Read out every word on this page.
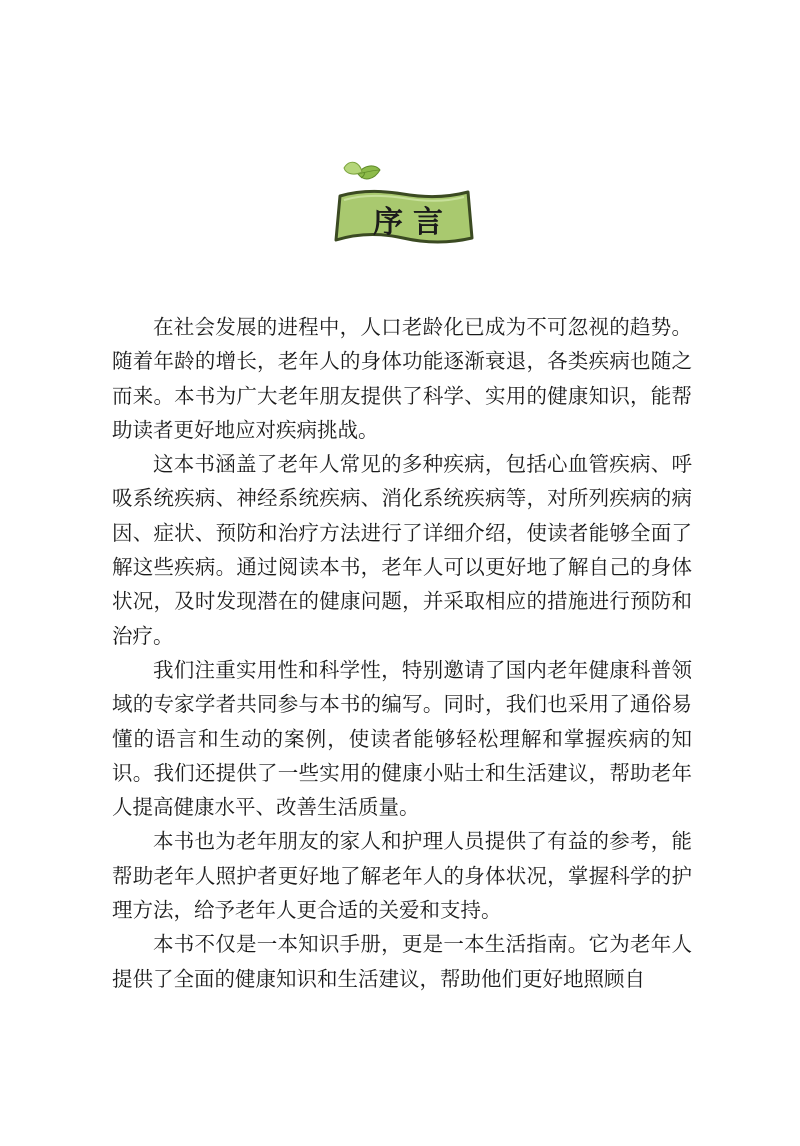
序言

在社会发展的进程中，人口老龄化已成为不可忽视的趋势。随着年龄的增长，老年人的身体功能逐渐衰退，各类疾病也随之而来。本书为广大老年朋友提供了科学、实用的健康知识，能帮助读者更好地应对疾病挑战。

这本书涵盖了老年人常见的多种疾病，包括心血管疾病、呼吸系统疾病、神经系统疾病、消化系统疾病等，对所列疾病的病因、症状、预防和治疗方法进行了详细介绍，使读者能够全面了解这些疾病。通过阅读本书，老年人可以更好地了解自己的身体状况，及时发现潜在的健康问题，并采取相应的措施进行预防和治疗。

我们注重实用性和科学性，特别邀请了国内老年健康科普领域的专家学者共同参与本书的编写。同时，我们也采用了通俗易懂的语言和生动的案例，使读者能够轻松理解和掌握疾病的知识。我们还提供了一些实用的健康小贴士和生活建议，帮助老年人提高健康水平、改善生活质量。

本书也为老年朋友的家人和护理人员提供了有益的参考，能帮助老年人照护者更好地了解老年人的身体状况，掌握科学的护理方法，给予老年人更合适的关爱和支持。

本书不仅是一本知识手册，更是一本生活指南。它为老年人提供了全面的健康知识和生活建议，帮助他们更好地照顾自
